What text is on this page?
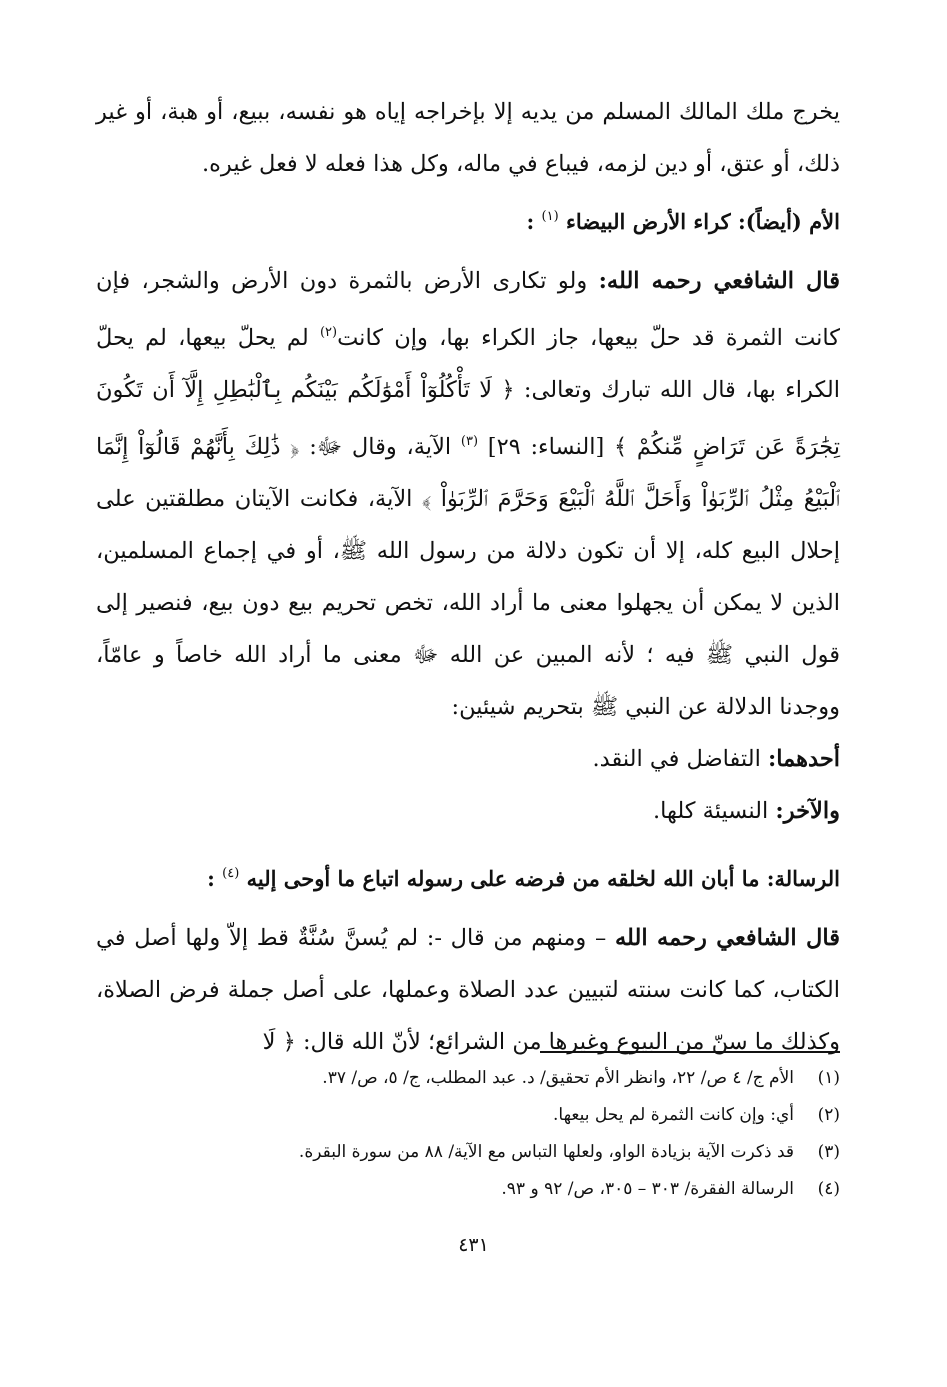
يخرج ملك المالك المسلم من يديه إلا بإخراجه إياه هو نفسه، ببيع، أو هبة، أو غير ذلك، أو عتق، أو دين لزمه، فيباع في ماله، وكل هذا فعله لا فعل غيره.

الأم (أيضاً): كراء الأرض البيضاء $^{(١)}$ :

قال الشافعي رحمه الله: ولو تكارى الأرض بالثمرة دون الأرض والشجر، فإن كانت الثمرة قد حلّ بيعها، جاز الكراء بها، وإن كانت$^{(٢)}$ لم يحلّ بيعها، لم يحلّ الكراء بها، قال الله تبارك وتعالى: ﴿ لَا تَأْكُلُوٓاْ أَمْوَٰلَكُم بَيْنَكُم بِٱلْبَٰطِلِ إِلَّآ أَن تَكُونَ تِجَٰرَةً عَن تَرَاضٍ مِّنكُمْ ﴾ [النساء: ٢٩] $^{(٣)}$ الآية، وقال ﷻ: ﴿ ذَٰلِكَ بِأَنَّهُمْ قَالُوٓاْ إِنَّمَا ٱلْبَيْعُ مِثْلُ ٱلرِّبَوٰاْ وَأَحَلَّ ٱللَّهُ ٱلْبَيْعَ وَحَرَّمَ ٱلرِّبَوٰاْ ﴾ الآية، فكانت الآيتان مطلقتين على إحلال البيع كله، إلا أن تكون دلالة من رسول الله ﷺ، أو في إجماع المسلمين، الذين لا يمكن أن يجهلوا معنى ما أراد الله، تخص تحريم بيع دون بيع، فنصير إلى قول النبي ﷺ فيه ؛ لأنه المبين عن الله ﷻ معنى ما أراد الله خاصاً و عامّاً، ووجدنا الدلالة عن النبي ﷺ بتحريم شيئين:

أحدهما: التفاضل في النقد.

والآخر: النسيئة كلها.

الرسالة: ما أبان الله لخلقه من فرضه على رسوله اتباع ما أوحى إليه $^{(٤)}$ :

قال الشافعي رحمه الله – ومنهم من قال -: لم يُسنَّ سُنَّةٌ قط إلاّ ولها أصل في الكتاب، كما كانت سنته لتبيين عدد الصلاة وعملها، على أصل جملة فرض الصلاة، وكذلك ما سنّ من البيوع وغيرها من الشرائع؛ لأنّ الله قال: ﴿ لَا

(١)الأم ج/ ٤ ص/ ٢٢، وانظر الأم تحقيق/ د. عبد المطلب، ج/ ٥، ص/ ٣٧.
(٢)أي: وإن كانت الثمرة لم يحل بيعها.
(٣)قد ذكرت الآية بزيادة الواو، ولعلها التباس مع الآية/ ٨٨ من سورة البقرة.
(٤)الرسالة الفقرة/ ٣٠٣ – ٣٠٥، ص/ ٩٢ و ٩٣.
٤٣١
